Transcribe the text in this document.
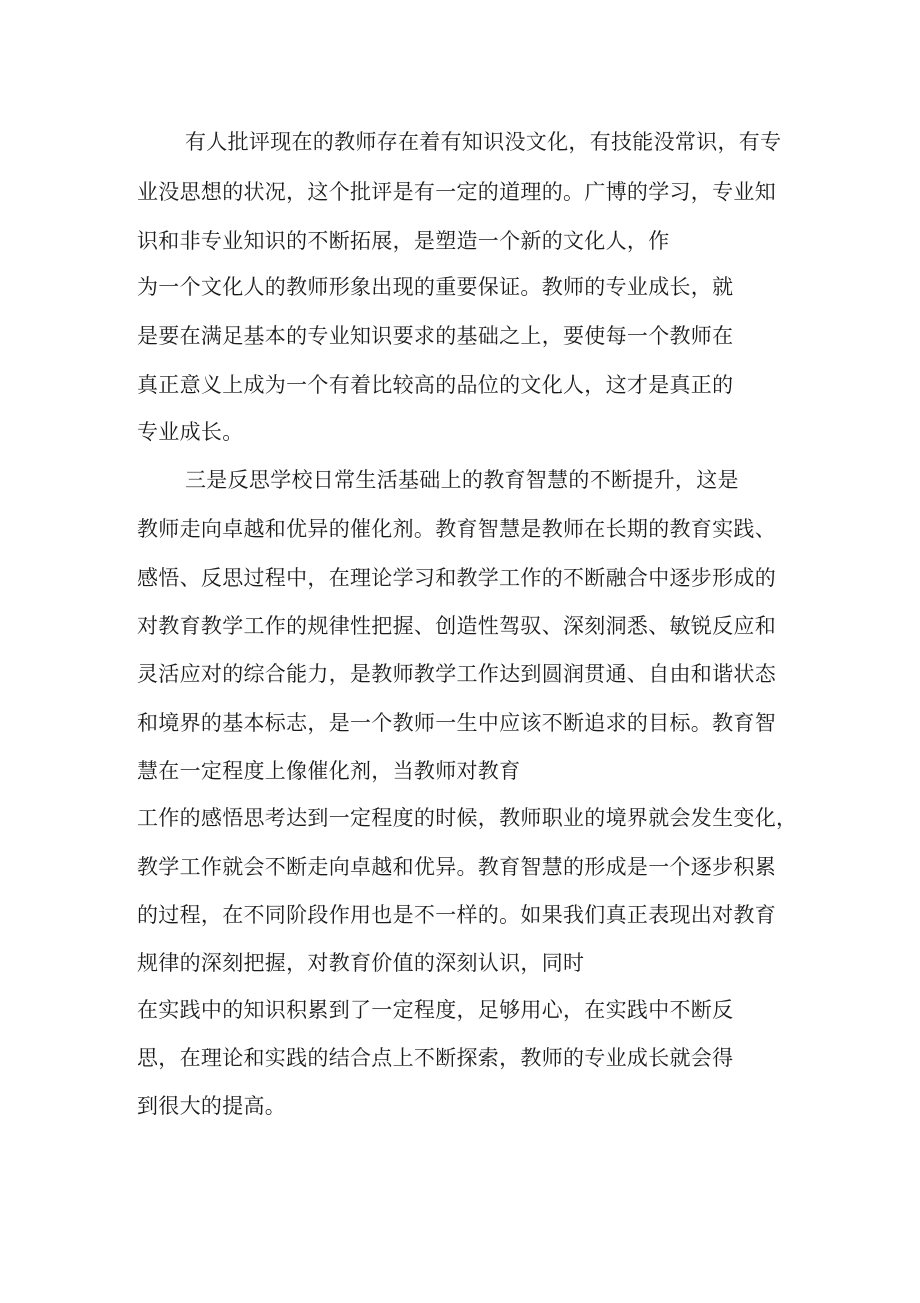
有人批评现在的教师存在着有知识没文化，有技能没常识，有专

业没思想的状况，这个批评是有一定的道理的。广博的学习，专业知

识和非专业知识的不断拓展，是塑造一个新的文化人，作

为一个文化人的教师形象出现的重要保证。教师的专业成长，就

是要在满足基本的专业知识要求的基础之上，要使每一个教师在

真正意义上成为一个有着比较高的品位的文化人，这才是真正的

专业成长。

三是反思学校日常生活基础上的教育智慧的不断提升，这是

教师走向卓越和优异的催化剂。教育智慧是教师在长期的教育实践、

感悟、反思过程中，在理论学习和教学工作的不断融合中逐步形成的

对教育教学工作的规律性把握、创造性驾驭、深刻洞悉、敏锐反应和

灵活应对的综合能力，是教师教学工作达到圆润贯通、自由和谐状态

和境界的基本标志，是一个教师一生中应该不断追求的目标。教育智

慧在一定程度上像催化剂，当教师对教育

工作的感悟思考达到一定程度的时候，教师职业的境界就会发生变化，

教学工作就会不断走向卓越和优异。教育智慧的形成是一个逐步积累

的过程，在不同阶段作用也是不一样的。如果我们真正表现出对教育

规律的深刻把握，对教育价值的深刻认识，同时

在实践中的知识积累到了一定程度，足够用心，在实践中不断反

思，在理论和实践的结合点上不断探索，教师的专业成长就会得

到很大的提高。
